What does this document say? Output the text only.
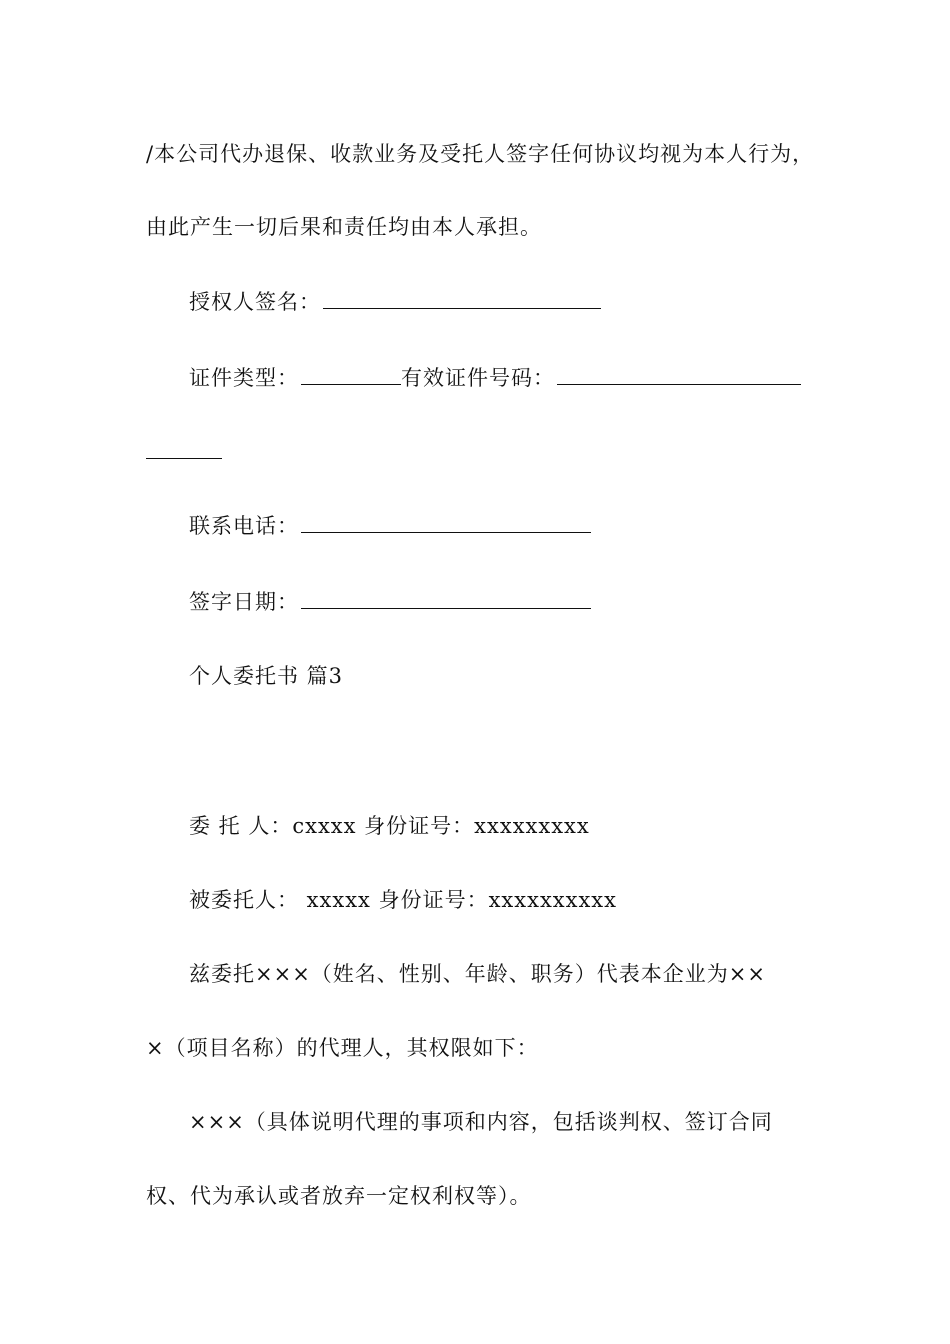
/本公司代办退保、收款业务及受托人签字任何协议均视为本人行为，
由此产生一切后果和责任均由本人承担。
授权人签名：
证件类型：	有效证件号码：
联系电话：
签字日期：
个人委托书 篇3
委 托 人：cxxxx 身份证号：xxxxxxxxx
被委托人： xxxxx 身份证号：xxxxxxxxxx
兹委托×××（姓名、性别、年龄、职务）代表本企业为××
×（项目名称）的代理人，其权限如下：
×××（具体说明代理的事项和内容，包括谈判权、签订合同
权、代为承认或者放弃一定权利权等）。
